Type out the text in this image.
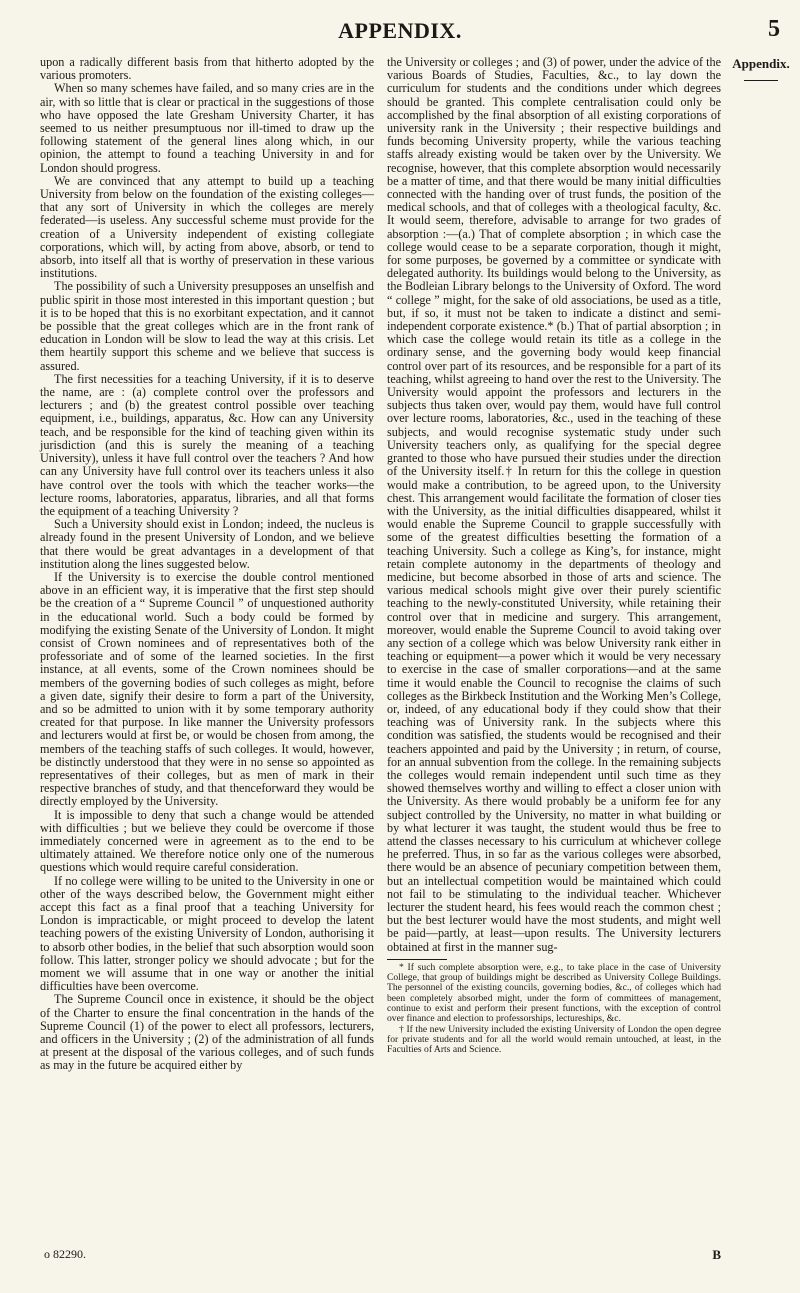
APPENDIX.	5
Appendix.

upon a radically different basis from that hitherto adopted by the various promoters.

When so many schemes have failed, and so many cries are in the air, with so little that is clear or practical in the suggestions of those who have opposed the late Gresham University Charter, it has seemed to us neither presumptuous nor ill-timed to draw up the following statement of the general lines along which, in our opinion, the attempt to found a teaching University in and for London should progress.

We are convinced that any attempt to build up a teaching University from below on the foundation of the existing colleges—that any sort of University in which the colleges are merely federated—is useless. Any successful scheme must provide for the creation of a University independent of existing collegiate corporations, which will, by acting from above, absorb, or tend to absorb, into itself all that is worthy of preservation in these various institutions.

The possibility of such a University presupposes an unselfish and public spirit in those most interested in this important question ; but it is to be hoped that this is no exorbitant expectation, and it cannot be possible that the great colleges which are in the front rank of education in London will be slow to lead the way at this crisis. Let them heartily support this scheme and we believe that success is assured.

The first necessities for a teaching University, if it is to deserve the name, are : (a) complete control over the professors and lecturers ; and (b) the greatest control possible over teaching equipment, i.e., buildings, apparatus, &c. How can any University teach, and be responsible for the kind of teaching given within its jurisdiction (and this is surely the meaning of a teaching University), unless it have full control over the teachers ? And how can any University have full control over its teachers unless it also have control over the tools with which the teacher works—the lecture rooms, laboratories, apparatus, libraries, and all that forms the equipment of a teaching University ?

Such a University should exist in London; indeed, the nucleus is already found in the present University of London, and we believe that there would be great advantages in a development of that institution along the lines suggested below.

If the University is to exercise the double control mentioned above in an efficient way, it is imperative that the first step should be the creation of a “ Supreme Council ” of unquestioned authority in the educational world. Such a body could be formed by modifying the existing Senate of the University of London. It might consist of Crown nominees and of representatives both of the professoriate and of some of the learned societies. In the first instance, at all events, some of the Crown nominees should be members of the governing bodies of such colleges as might, before a given date, signify their desire to form a part of the University, and so be admitted to union with it by some temporary authority created for that purpose. In like manner the University professors and lecturers would at first be, or would be chosen from among, the members of the teaching staffs of such colleges. It would, however, be distinctly understood that they were in no sense so appointed as representatives of their colleges, but as men of mark in their respective branches of study, and that thenceforward they would be directly employed by the University.

It is impossible to deny that such a change would be attended with difficulties ; but we believe they could be overcome if those immediately concerned were in agreement as to the end to be ultimately attained. We therefore notice only one of the numerous questions which would require careful consideration.

If no college were willing to be united to the University in one or other of the ways described below, the Government might either accept this fact as a final proof that a teaching University for London is impracticable, or might proceed to develop the latent teaching powers of the existing University of London, authorising it to absorb other bodies, in the belief that such absorption would soon follow. This latter, stronger policy we should advocate ; but for the moment we will assume that in one way or another the initial difficulties have been overcome.

The Supreme Council once in existence, it should be the object of the Charter to ensure the final concentration in the hands of the Supreme Council (1) of the power to elect all professors, lecturers, and officers in the University ; (2) of the administration of all funds at present at the disposal of the various colleges, and of such funds as may in the future be acquired either by

the University or colleges ; and (3) of power, under the advice of the various Boards of Studies, Faculties, &c., to lay down the curriculum for students and the conditions under which degrees should be granted. This complete centralisation could only be accomplished by the final absorption of all existing corporations of university rank in the University ; their respective buildings and funds becoming University property, while the various teaching staffs already existing would be taken over by the University. We recognise, however, that this complete absorption would necessarily be a matter of time, and that there would be many initial difficulties connected with the handing over of trust funds, the position of the medical schools, and that of colleges with a theological faculty, &c. It would seem, therefore, advisable to arrange for two grades of absorption :—(a.) That of complete absorption ; in which case the college would cease to be a separate corporation, though it might, for some purposes, be governed by a committee or syndicate with delegated authority. Its buildings would belong to the University, as the Bodleian Library belongs to the University of Oxford. The word “ college ” might, for the sake of old associations, be used as a title, but, if so, it must not be taken to indicate a distinct and semi-independent corporate existence.* (b.) That of partial absorption ; in which case the college would retain its title as a college in the ordinary sense, and the governing body would keep financial control over part of its resources, and be responsible for a part of its teaching, whilst agreeing to hand over the rest to the University. The University would appoint the professors and lecturers in the subjects thus taken over, would pay them, would have full control over lecture rooms, laboratories, &c., used in the teaching of these subjects, and would recognise systematic study under such University teachers only, as qualifying for the special degree granted to those who have pursued their studies under the direction of the University itself.† In return for this the college in question would make a contribution, to be agreed upon, to the University chest. This arrangement would facilitate the formation of closer ties with the University, as the initial difficulties disappeared, whilst it would enable the Supreme Council to grapple successfully with some of the greatest difficulties besetting the formation of a teaching University. Such a college as King’s, for instance, might retain complete autonomy in the departments of theology and medicine, but become absorbed in those of arts and science. The various medical schools might give over their purely scientific teaching to the newly-constituted University, while retaining their control over that in medicine and surgery. This arrangement, moreover, would enable the Supreme Council to avoid taking over any section of a college which was below University rank either in teaching or equipment—a power which it would be very necessary to exercise in the case of smaller corporations—and at the same time it would enable the Council to recognise the claims of such colleges as the Birkbeck Institution and the Working Men’s College, or, indeed, of any educational body if they could show that their teaching was of University rank. In the subjects where this condition was satisfied, the students would be recognised and their teachers appointed and paid by the University ; in return, of course, for an annual subvention from the college. In the remaining subjects the colleges would remain independent until such time as they showed themselves worthy and willing to effect a closer union with the University. As there would probably be a uniform fee for any subject controlled by the University, no matter in what building or by what lecturer it was taught, the student would thus be free to attend the classes necessary to his curriculum at whichever college he preferred. Thus, in so far as the various colleges were absorbed, there would be an absence of pecuniary competition between them, but an intellectual competition would be maintained which could not fail to be stimulating to the individual teacher. Whichever lecturer the student heard, his fees would reach the common chest ; but the best lecturer would have the most students, and might well be paid—partly, at least—upon results. The University lecturers obtained at first in the manner sug-

* If such complete absorption were, e.g., to take place in the case of University College, that group of buildings might be described as University College Buildings. The personnel of the existing councils, governing bodies, &c., of colleges which had been completely absorbed might, under the form of committees of management, continue to exist and perform their present functions, with the exception of control over finance and election to professorships, lectureships, &c.

† If the new University included the existing University of London the open degree for private students and for all the world would remain untouched, at least, in the Faculties of Arts and Science.

o 82290.	B
